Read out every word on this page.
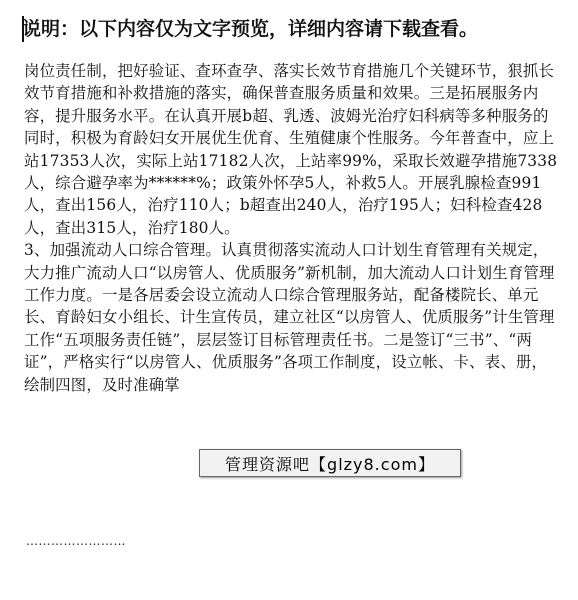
说明：以下内容仅为文字预览，详细内容请下载查看。

岗位责任制，把好验证、查环查孕、落实长效节育措施几个关键环节，狠抓长效节育措施和补救措施的落实，确保普查服务质量和效果。三是拓展服务内容，提升服务水平。在认真开展b超、乳透、波姆光治疗妇科病等多种服务的同时，积极为育龄妇女开展优生优育、生殖健康个性服务。今年普查中，应上站17353人次，实际上站17182人次，上站率99%，采取长效避孕措施7338人，综合避孕率为******%；政策外怀孕5人，补救5人。开展乳腺检查991人，查出156人，治疗110人；b超查出240人，治疗195人；妇科检查428人，查出315人，治疗180人。

3、加强流动人口综合管理。认真贯彻落实流动人口计划生育管理有关规定，大力推广流动人口“以房管人、优质服务”新机制，加大流动人口计划生育管理工作力度。一是各居委会设立流动人口综合管理服务站，配备楼院长、单元长、育龄妇女小组长、计生宣传员，建立社区“以房管人、优质服务”计生管理工作“五项服务责任链”，层层签订目标管理责任书。二是签订“三书”、“两证”，严格实行“以房管人、优质服务”各项工作制度，设立帐、卡、表、册，绘制四图，及时准确掌

管理资源吧【glzy8.com】
……………………
